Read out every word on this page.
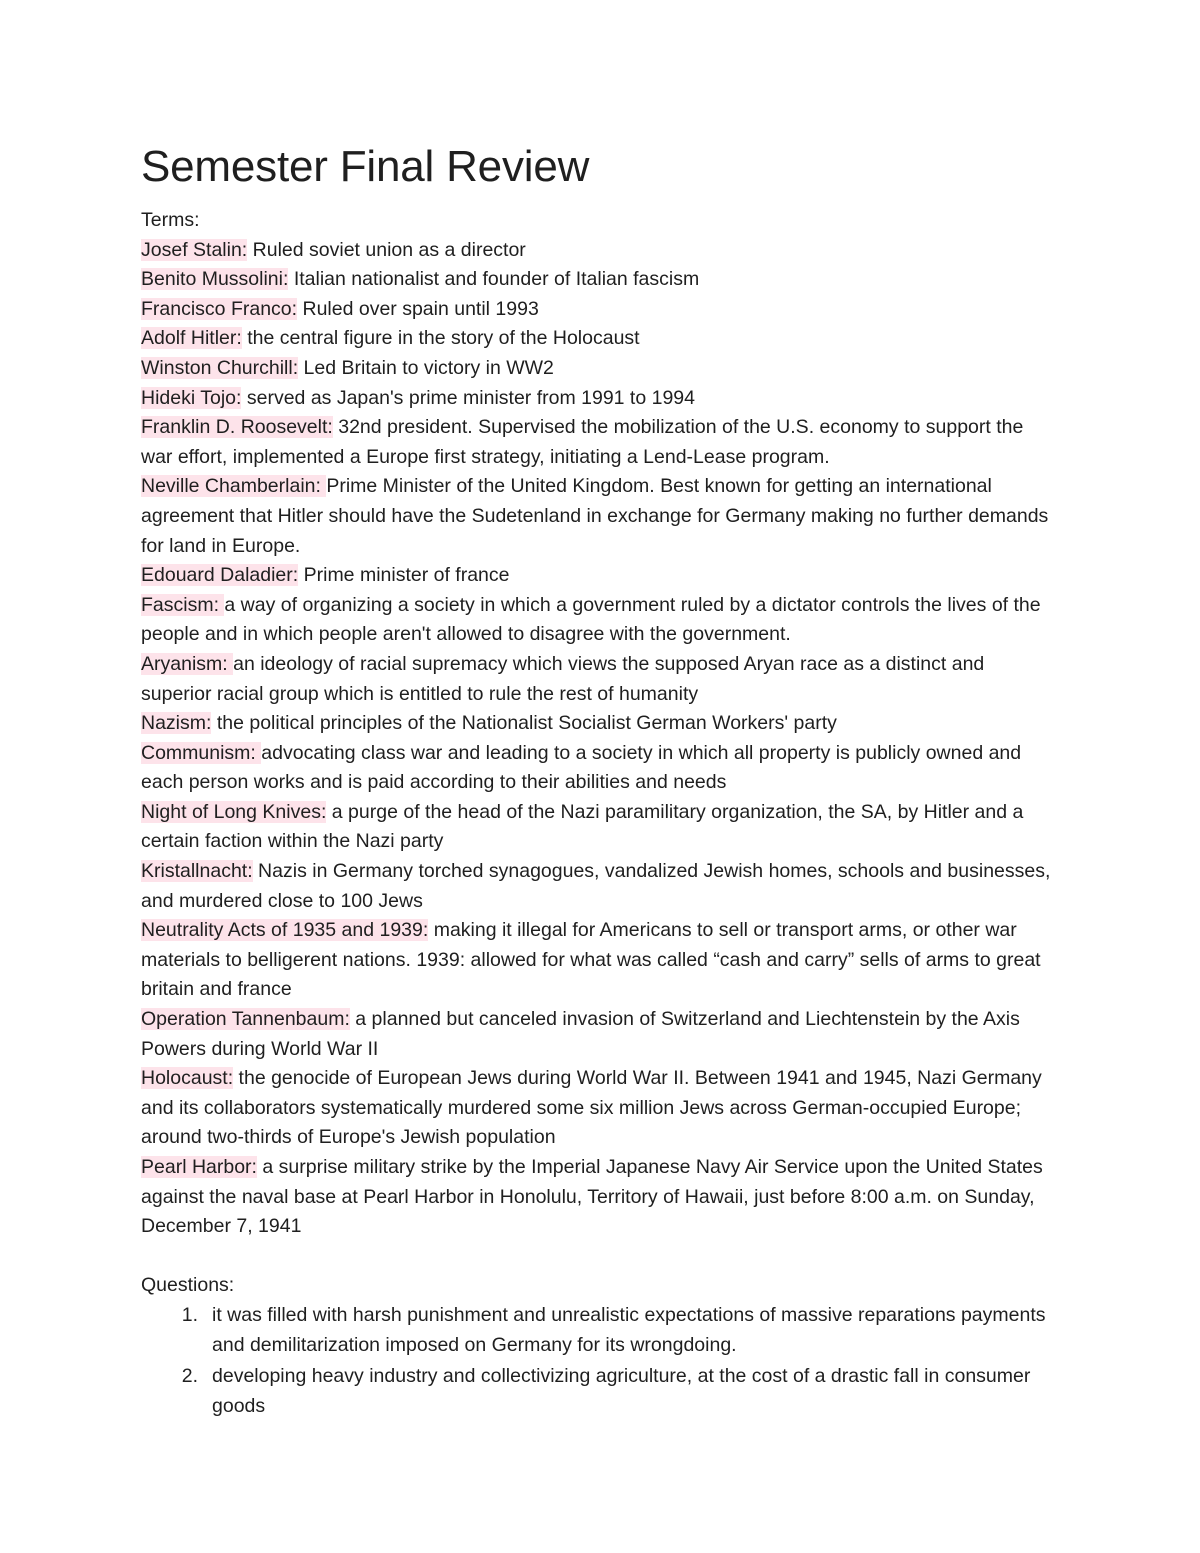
Semester Final Review

Terms:

Josef Stalin: Ruled soviet union as a director

Benito Mussolini: Italian nationalist and founder of Italian fascism

Francisco Franco: Ruled over spain until 1993

Adolf Hitler: the central figure in the story of the Holocaust

Winston Churchill: Led Britain to victory in WW2

Hideki Tojo: served as Japan's prime minister from 1991 to 1994

Franklin D. Roosevelt: 32nd president. Supervised the mobilization of the U.S. economy to support the war effort, implemented a Europe first strategy, initiating a Lend-Lease program.

Neville Chamberlain: Prime Minister of the United Kingdom. Best known for getting an international agreement that Hitler should have the Sudetenland in exchange for Germany making no further demands for land in Europe.

Edouard Daladier: Prime minister of france

Fascism: a way of organizing a society in which a government ruled by a dictator controls the lives of the people and in which people aren't allowed to disagree with the government.

Aryanism: an ideology of racial supremacy which views the supposed Aryan race as a distinct and superior racial group which is entitled to rule the rest of humanity

Nazism: the political principles of the Nationalist Socialist German Workers' party

Communism: advocating class war and leading to a society in which all property is publicly owned and each person works and is paid according to their abilities and needs

Night of Long Knives: a purge of the head of the Nazi paramilitary organization, the SA, by Hitler and a certain faction within the Nazi party

Kristallnacht: Nazis in Germany torched synagogues, vandalized Jewish homes, schools and businesses, and murdered close to 100 Jews

Neutrality Acts of 1935 and 1939: making it illegal for Americans to sell or transport arms, or other war materials to belligerent nations. 1939: allowed for what was called “cash and carry” sells of arms to great britain and france

Operation Tannenbaum: a planned but canceled invasion of Switzerland and Liechtenstein by the Axis Powers during World War II

Holocaust: the genocide of European Jews during World War II. Between 1941 and 1945, Nazi Germany and its collaborators systematically murdered some six million Jews across German-occupied Europe; around two-thirds of Europe's Jewish population

Pearl Harbor: a surprise military strike by the Imperial Japanese Navy Air Service upon the United States against the naval base at Pearl Harbor in Honolulu, Territory of Hawaii, just before 8:00 a.m. on Sunday, December 7, 1941

Questions:

1. it was filled with harsh punishment and unrealistic expectations of massive reparations payments and demilitarization imposed on Germany for its wrongdoing.
2. developing heavy industry and collectivizing agriculture, at the cost of a drastic fall in consumer goods
